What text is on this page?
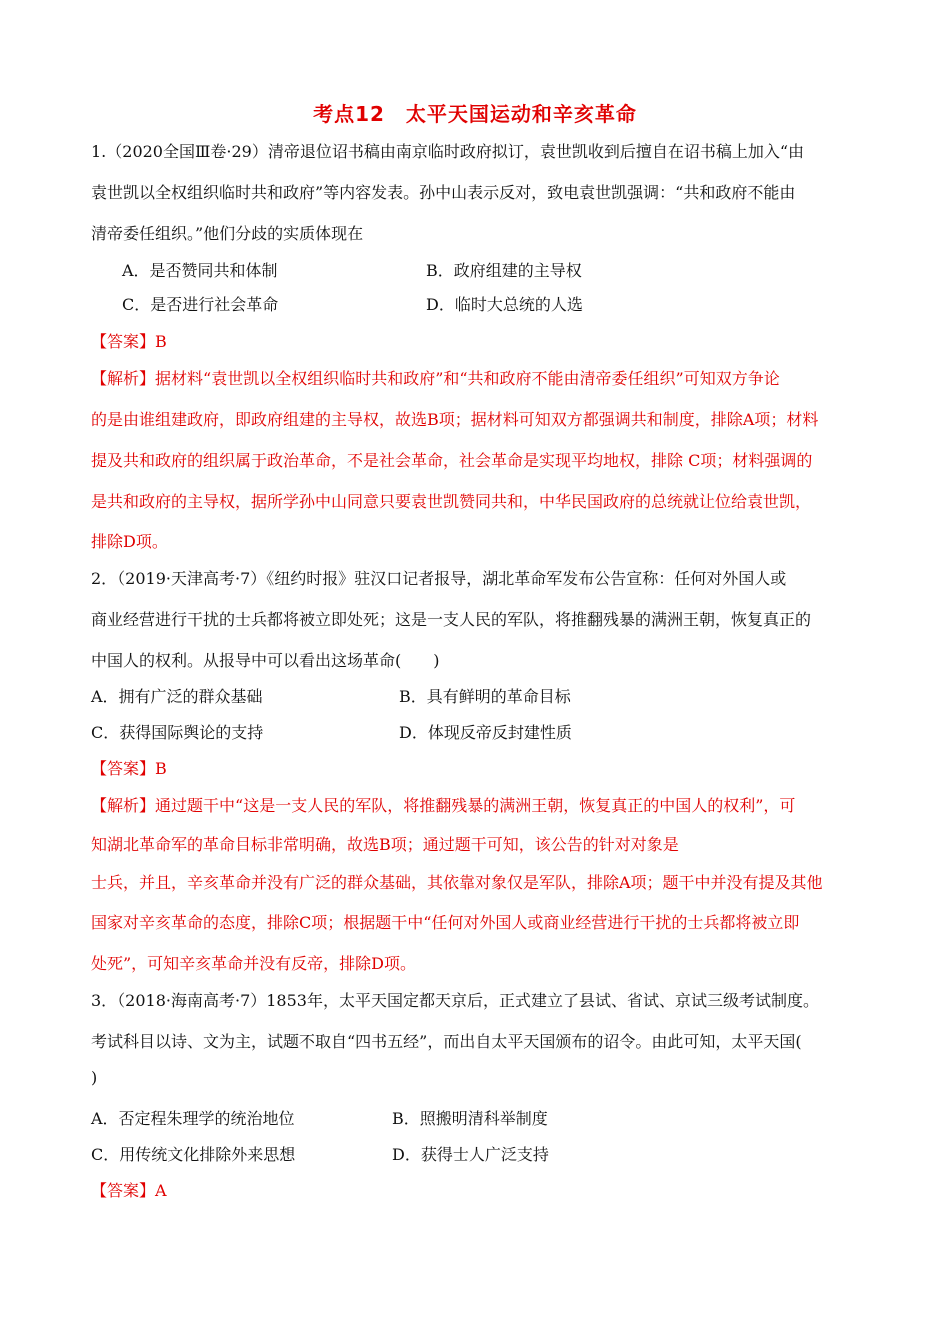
考点12　太平天国运动和辛亥革命
1.（2020全国Ⅲ卷·29）清帝退位诏书稿由南京临时政府拟订，袁世凯收到后擅自在诏书稿上加入“由
袁世凯以全权组织临时共和政府”等内容发表。孙中山表示反对，致电袁世凯强调：“共和政府不能由
清帝委任组织。”他们分歧的实质体现在
A．是否赞同共和体制	B．政府组建的主导权
C．是否进行社会革命	D．临时大总统的人选
【答案】B
【解析】据材料“袁世凯以全权组织临时共和政府”和“共和政府不能由清帝委任组织”可知双方争论
的是由谁组建政府，即政府组建的主导权，故选B项；据材料可知双方都强调共和制度，排除A项；材料
提及共和政府的组织属于政治革命，不是社会革命，社会革命是实现平均地权，排除 C项；材料强调的
是共和政府的主导权，据所学孙中山同意只要袁世凯赞同共和，中华民国政府的总统就让位给袁世凯，
排除D项。
2．（2019·天津高考·7）《纽约时报》驻汉口记者报导，湖北革命军发布公告宣称：任何对外国人或
商业经营进行干扰的士兵都将被立即处死；这是一支人民的军队，将推翻残暴的满洲王朝，恢复真正的
中国人的权利。从报导中可以看出这场革命(　　)
A．拥有广泛的群众基础	B．具有鲜明的革命目标
C．获得国际舆论的支持	D．体现反帝反封建性质
【答案】B
【解析】通过题干中“这是一支人民的军队，将推翻残暴的满洲王朝，恢复真正的中国人的权利”，可
知湖北革命军的革命目标非常明确，故选B项；通过题干可知，该公告的针对对象是
士兵，并且，辛亥革命并没有广泛的群众基础，其依靠对象仅是军队，排除A项；题干中并没有提及其他
国家对辛亥革命的态度，排除C项；根据题干中“任何对外国人或商业经营进行干扰的士兵都将被立即
处死”，可知辛亥革命并没有反帝，排除D项。
3．（2018·海南高考·7）1853年，太平天国定都天京后，正式建立了县试、省试、京试三级考试制度。
考试科目以诗、文为主，试题不取自“四书五经”，而出自太平天国颁布的诏令。由此可知，太平天国(
)
A．否定程朱理学的统治地位	B．照搬明清科举制度
C．用传统文化排除外来思想	D．获得士人广泛支持
【答案】A
